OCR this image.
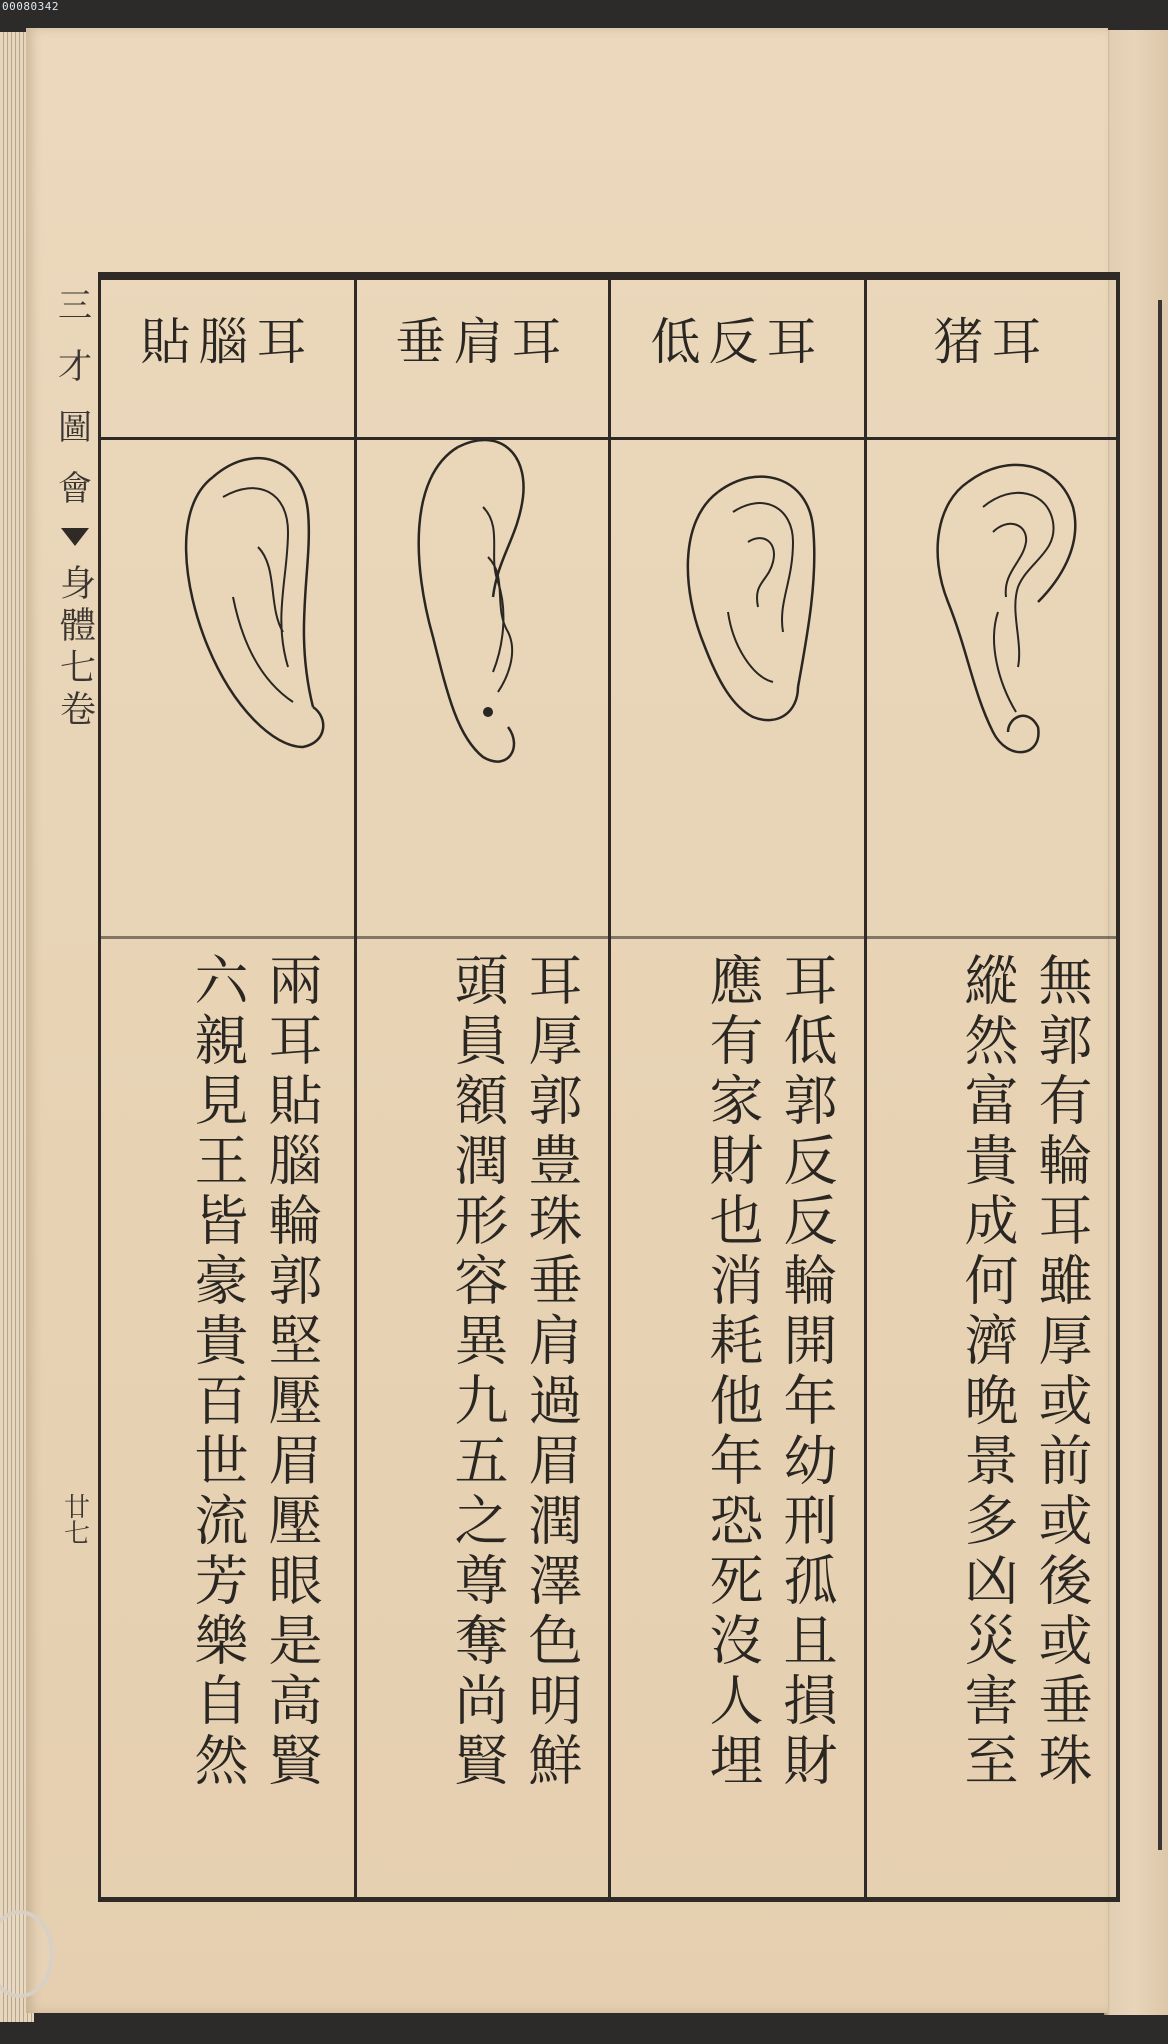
00080342
三
才
圖
會
身體七卷
廿七
猪耳
無郭有輪耳雖厚或前或後或垂珠 縱然富貴成何濟晚景多凶災害至
低反耳
耳低郭反反輪開年幼刑孤且損財 應有家財也消耗他年恐死沒人埋
垂肩耳
耳厚郭豊珠垂肩過眉潤澤色明鮮 頭員額潤形容異九五之尊奪尚賢
貼腦耳
兩耳貼腦輪郭堅壓眉壓眼是高賢 六親見王皆豪貴百世流芳樂自然
